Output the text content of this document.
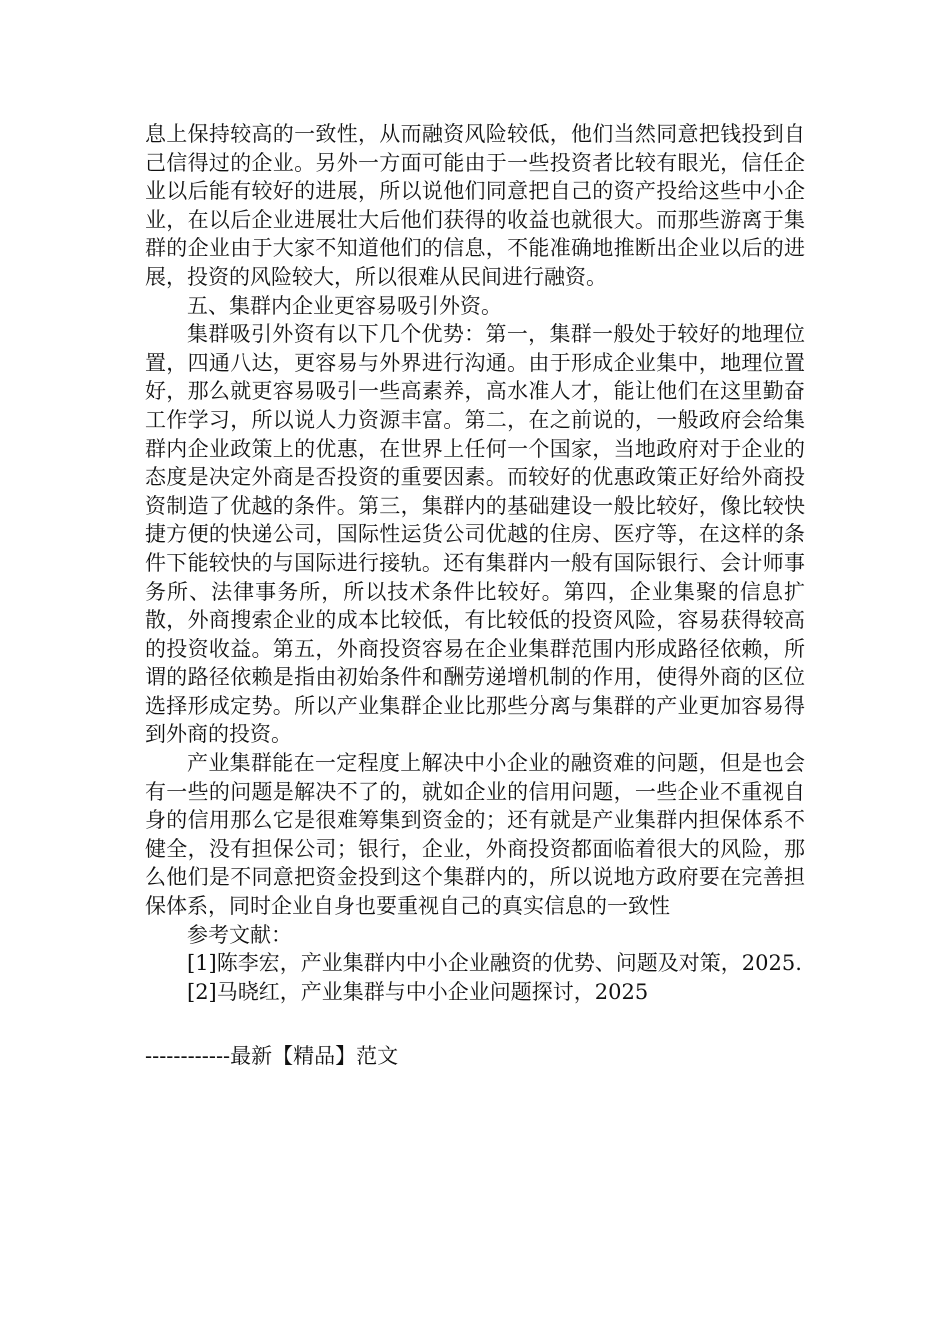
息上保持较高的一致性，从而融资风险较低，他们当然同意把钱投到自己信得过的企业。另外一方面可能由于一些投资者比较有眼光，信任企业以后能有较好的进展，所以说他们同意把自己的资产投给这些中小企业，在以后企业进展壮大后他们获得的收益也就很大。而那些游离于集群的企业由于大家不知道他们的信息，不能准确地推断出企业以后的进展，投资的风险较大，所以很难从民间进行融资。

五、集群内企业更容易吸引外资。

集群吸引外资有以下几个优势：第一，集群一般处于较好的地理位置，四通八达，更容易与外界进行沟通。由于形成企业集中，地理位置好，那么就更容易吸引一些高素养，高水准人才，能让他们在这里勤奋工作学习，所以说人力资源丰富。第二，在之前说的，一般政府会给集群内企业政策上的优惠，在世界上任何一个国家，当地政府对于企业的态度是决定外商是否投资的重要因素。而较好的优惠政策正好给外商投资制造了优越的条件。第三，集群内的基础建设一般比较好，像比较快捷方便的快递公司，国际性运货公司优越的住房、医疗等，在这样的条件下能较快的与国际进行接轨。还有集群内一般有国际银行、会计师事务所、法律事务所，所以技术条件比较好。第四，企业集聚的信息扩散，外商搜索企业的成本比较低，有比较低的投资风险，容易获得较高的投资收益。第五，外商投资容易在企业集群范围内形成路径依赖，所谓的路径依赖是指由初始条件和酬劳递增机制的作用，使得外商的区位选择形成定势。所以产业集群企业比那些分离与集群的产业更加容易得到外商的投资。

产业集群能在一定程度上解决中小企业的融资难的问题，但是也会有一些的问题是解决不了的，就如企业的信用问题，一些企业不重视自身的信用那么它是很难筹集到资金的；还有就是产业集群内担保体系不健全，没有担保公司；银行，企业，外商投资都面临着很大的风险，那么他们是不同意把资金投到这个集群内的，所以说地方政府要在完善担保体系，同时企业自身也要重视自己的真实信息的一致性

参考文献：

[1]陈李宏，产业集群内中小企业融资的优势、问题及对策，2025.

[2]马晓红，产业集群与中小企业问题探讨，2025

------------最新【精品】范文
